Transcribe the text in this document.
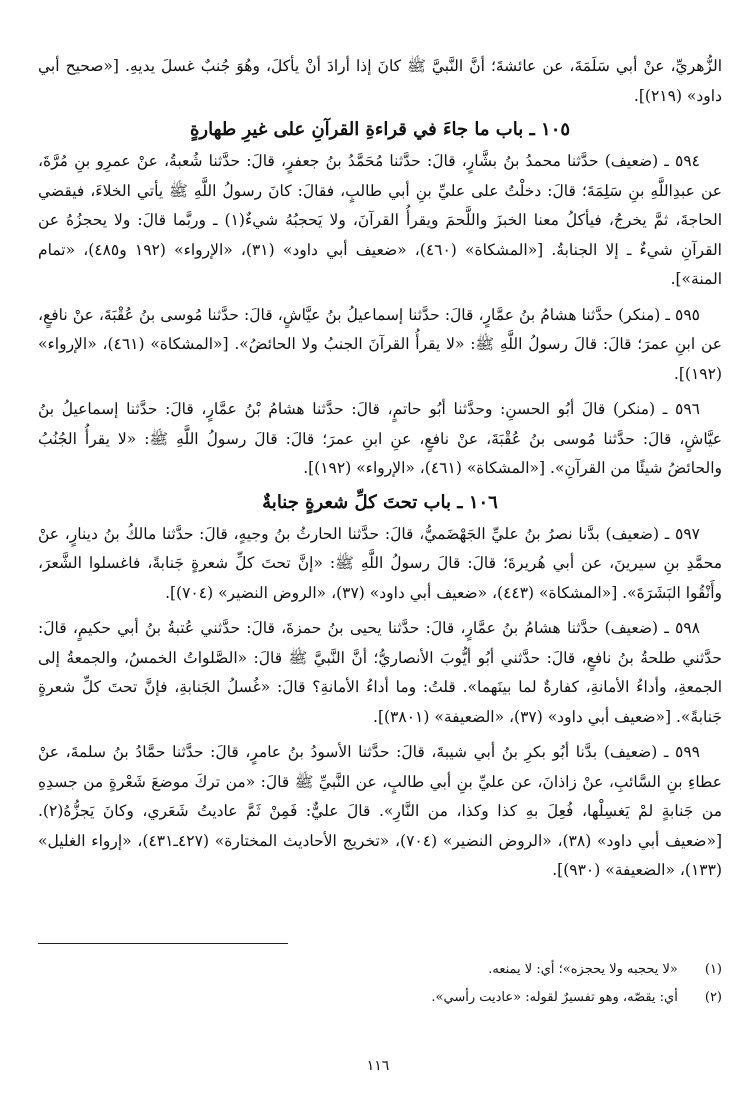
الزُّهريِّ، عنْ أبي سَلَمَةَ، عن عائشةَ؛ أنَّ النَّبيَّ ﷺ كانَ إذا أرادَ أنْ يأكلَ، وهُوَ جُنبٌ غسلَ يديهِ. [«صحيح أبي داود» (٢١٩)].

١٠٥ ـ باب ما جاءَ في قراءةِ القرآنِ على غيرِ طهارةٍ

٥٩٤ ـ (ضعيف) حدَّثنا محمدُ بنُ بشَّارٍ، قالَ: حدَّثنا مُحَمَّدُ بنُ جعفرٍ، قالَ: حدَّثنا شُعبةُ، عنْ عمرِو بنِ مُرَّةَ، عن عبدِاللَّهِ بنِ سَلِمَةَ؛ قالَ: دخلْتُ على عليِّ بنِ أبي طالبٍ، فقالَ: كانَ رسولُ اللَّهِ ﷺ يأتي الخلاءَ، فيقضي الحاجةَ، ثمَّ يخرجُ، فيأكلُ معنا الخبزَ واللَّحمَ ويقرأُ القرآنَ، ولا يَحجبُهُ شيءٌ(١) ـ وربَّما قالَ: ولا يحجزُهُ عن القرآنِ شيءٌ ـ إلا الجنابةُ. [«المشكاة» (٤٦٠)، «ضعيف أبي داود» (٣١)، «الإرواء» (١٩٢ و٤٨٥)، «تمام المنة»].

٥٩٥ ـ (منكر) حدَّثنا هشامُ بنُ عمَّارٍ، قالَ: حدَّثنا إسماعيلُ بنُ عيَّاشٍ، قالَ: حدَّثنا مُوسى بنُ عُقْبَةَ، عنْ نافعٍ، عن ابنِ عمرَ؛ قالَ: قالَ رسولُ اللَّهِ ﷺ: «لا يقرأُ القرآنَ الجنبُ ولا الحائضُ». [«المشكاة» (٤٦١)، «الإرواء» (١٩٢)].

٥٩٦ ـ (منكر) قالَ أبُو الحسنِ: وحدَّثنا أبُو حاتمٍ، قالَ: حدَّثنا هشامُ بْنُ عمَّارٍ، قالَ: حدَّثنا إسماعيلُ بنُ عيَّاشٍ، قالَ: حدَّثنا مُوسى بنُ عُقْبَةَ، عنْ نافعٍ، عنِ ابنِ عمرَ؛ قالَ: قالَ رسولُ اللَّهِ ﷺ: «لا يقرأُ الجُنُبُ والحائضُ شيئًا من القرآنِ». [«المشكاة» (٤٦١)، «الإرواء» (١٩٢)].

١٠٦ ـ باب تحتَ كلِّ شعرةٍ جنابةٌ

٥٩٧ ـ (ضعيف) بدَّنا نصرُ بنُ عليِّ الجَهْضَميُّ، قالَ: حدَّثنا الحارثُ بنُ وجيهٍ، قالَ: حدَّثنا مالكُ بنُ دينارٍ، عنْ محمَّدِ بنِ سيرينَ، عن أبي هُريرةَ؛ قالَ: قالَ رسولُ اللَّهِ ﷺ: «إنَّ تحتَ كلِّ شعرةٍ جَنابةً، فاغسلوا الشَّعرَ، وأَنْقُوا البَشَرَةَ». [«المشكاة» (٤٤٣)، «ضعيف أبي داود» (٣٧)، «الروض النضير» (٧٠٤)].

٥٩٨ ـ (ضعيف) حدَّثنا هشامُ بنُ عمَّارٍ، قالَ: حدَّثنا يحيى بنُ حمزةَ، قالَ: حدَّثني عُتبةُ بنُ أبي حكيمٍ، قالَ: حدَّثني طلحةُ بنُ نافعٍ، قالَ: حدَّثني أبُو أيُّوبَ الأنصاريُّ؛ أنَّ النَّبيَّ ﷺ قالَ: «الصَّلواتُ الخمسُ، والجمعةُ إلى الجمعةِ، وأداءُ الأمانةِ، كفارةٌ لما بينَهما». قلتُ: وما أداءُ الأمانةِ؟ قالَ: «غُسلُ الجَنابةِ، فإنَّ تحتَ كلِّ شعرةٍ جَنابةً». [«ضعيف أبي داود» (٣٧)، «الضعيفة» (٣٨٠١)].

٥٩٩ ـ (ضعيف) بدَّنا أبُو بكرِ بنُ أبي شيبةَ، قالَ: حدَّثنا الأسودُ بنُ عامرٍ، قالَ: حدَّثنا حمَّادُ بنُ سلمةَ، عنْ عطاءِ بنِ السَّائبِ، عنْ زاذانَ، عن عليِّ بنِ أبي طالبٍ، عن النَّبيِّ ﷺ قالَ: «من تركَ موضعَ شَعْرةٍ من جسدِهِ من جَنابةٍ لمْ يَغسِلْها، فُعِلَ بهِ كذا وكذا، من النَّارِ». قالَ عليٌّ: فَمِنْ ثَمَّ عاديتُ شَعَري، وكانَ يَجزُّهُ(٢). [«ضعيف أبي داود» (٣٨)، «الروض النضير» (٧٠٤)، «تخريج الأحاديث المختارة» (٤٢٧ـ٤٣١)، «إرواء الغليل» (١٣٣)، «الضعيفة» (٩٣٠)].

(١) «لا يحجبه ولا يحجزه»؛ أي: لا يمنعه.
(٢) أي: يقصّه، وهو تفسيرٌ لقوله: «عاديت رأسي».
١١٦
